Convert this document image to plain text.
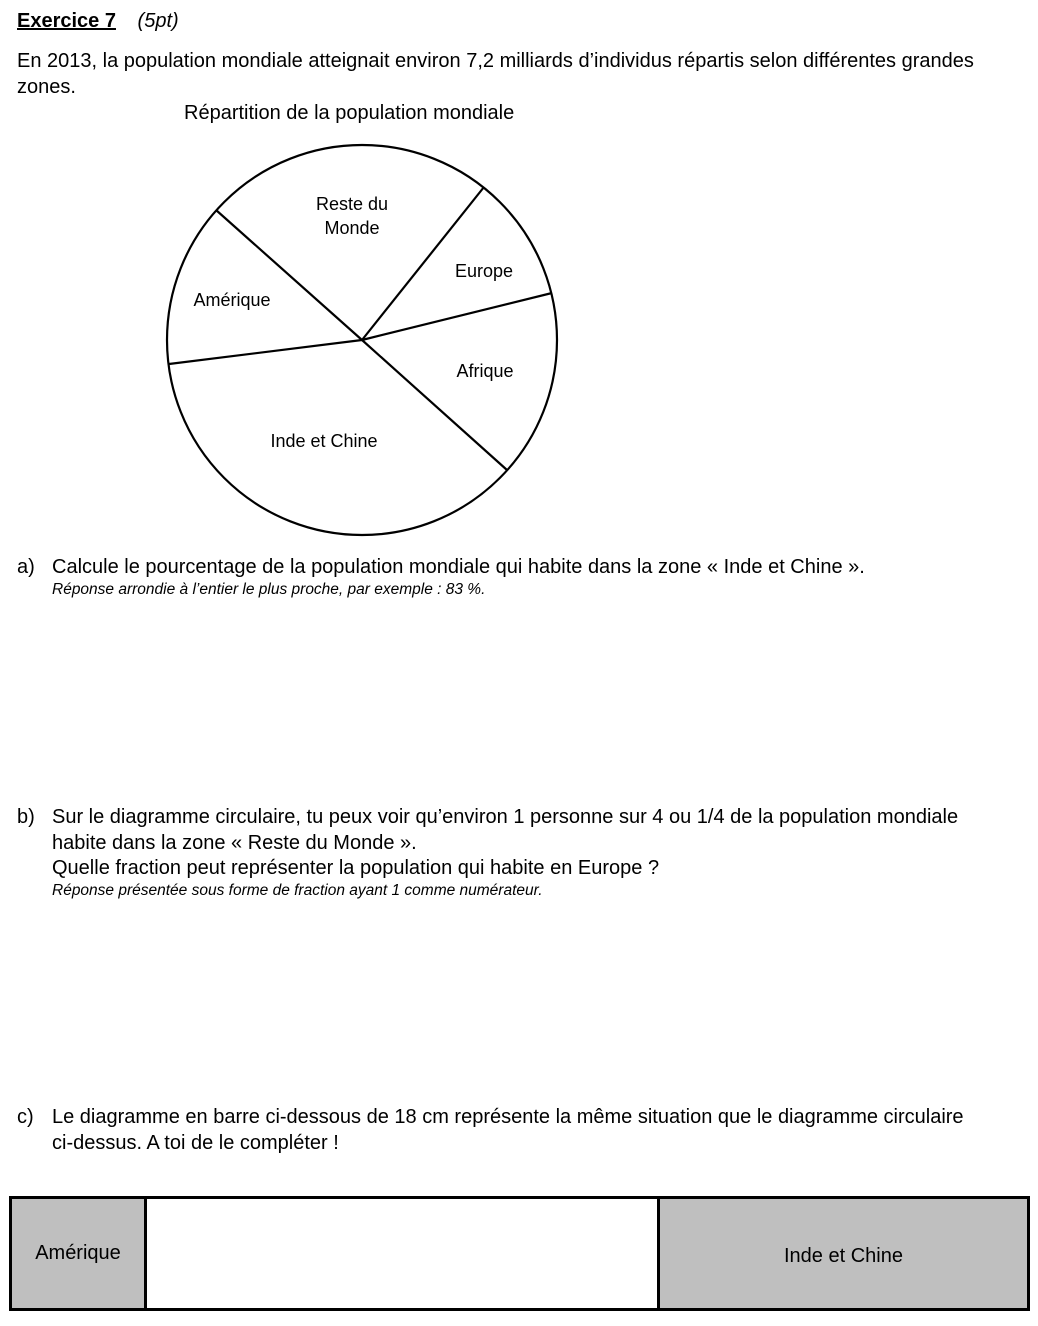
Exercice 7 (5pt)
En 2013, la population mondiale atteignait environ 7,2 milliards d’individus répartis selon différentes grandes zones.
Répartition de la population mondiale
Reste du
Monde
Europe
Afrique
Inde et Chine
Amérique
a) Calcule le pourcentage de la population mondiale qui habite dans la zone « Inde et Chine ».
Réponse arrondie à l’entier le plus proche, par exemple : 83 %.
b) Sur le diagramme circulaire, tu peux voir qu’environ 1 personne sur 4 ou 1/4 de la population mondiale habite dans la zone « Reste du Monde ».
Quelle fraction peut représenter la population qui habite en Europe ?
Réponse présentée sous forme de fraction ayant 1 comme numérateur.
c) Le diagramme en barre ci-dessous de 18 cm représente la même situation que le diagramme circulaire ci-dessus. A toi de le compléter !
Amérique	Inde et Chine
